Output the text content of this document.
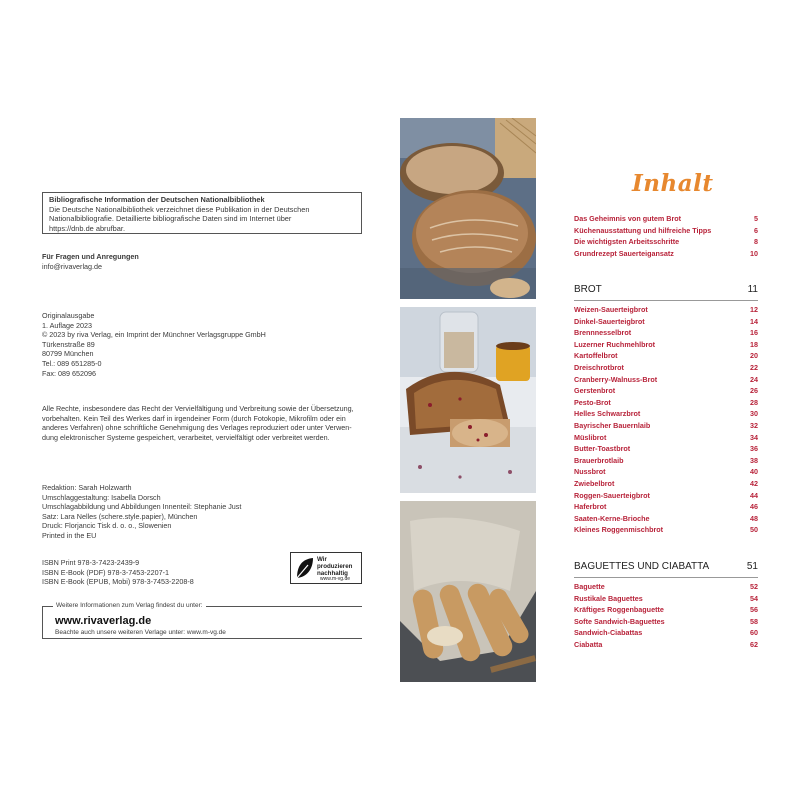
Bibliografische Information der Deutschen Nationalbibliothek
Die Deutsche Nationalbibliothek verzeichnet diese Publikation in der Deutschen
Nationalbibliografie. Detaillierte bibliografische Daten sind im Internet über
https://dnb.de abrufbar.
Für Fragen und Anregungen
info@rivaverlag.de
Originalausgabe
1. Auflage 2023
© 2023 by riva Verlag, ein Imprint der Münchner Verlagsgruppe GmbH
Türkenstraße 89
80799 München
Tel.: 089 651285-0
Fax: 089 652096
Alle Rechte, insbesondere das Recht der Vervielfältigung und Verbreitung sowie der Übersetzung,
vorbehalten. Kein Teil des Werkes darf in irgendeiner Form (durch Fotokopie, Mikrofilm oder ein
anderes Verfahren) ohne schriftliche Genehmigung des Verlages reproduziert oder unter Verwen-
dung elektronischer Systeme gespeichert, verarbeitet, vervielfältigt oder verbreitet werden.
Redaktion: Sarah Holzwarth
Umschlaggestaltung: Isabella Dorsch
Umschlagabbildung und Abbildungen Innenteil: Stephanie Just
Satz: Lara Nelles (schere.style.papier), München
Druck: Florjancic Tisk d. o. o., Slowenien
Printed in the EU
ISBN Print 978-3-7423-2439-9
ISBN E-Book (PDF) 978-3-7453-2207-1
ISBN E-Book (EPUB, Mobi) 978-3-7453-2208-8
Wir produzieren
nachhaltig
www.m-vg.de
Weitere Informationen zum Verlag findest du unter:
www.rivaverlag.de
Beachte auch unsere weiteren Verlage unter: www.m-vg.de
Inhalt
Das Geheimnis von gutem Brot	5
Küchenausstattung und hilfreiche Tipps	6
Die wichtigsten Arbeitsschritte	8
Grundrezept Sauerteigansatz	10
BROT	11
Weizen-Sauerteigbrot	12
Dinkel-Sauerteigbrot	14
Brennnesselbrot	16
Luzerner Ruchmehlbrot	18
Kartoffelbrot	20
Dreischrotbrot	22
Cranberry-Walnuss-Brot	24
Gerstenbrot	26
Pesto-Brot	28
Helles Schwarzbrot	30
Bayrischer Bauernlaib	32
Müslibrot	34
Butter-Toastbrot	36
Brauerbrotlaib	38
Nussbrot	40
Zwiebelbrot	42
Roggen-Sauerteigbrot	44
Haferbrot	46
Saaten-Kerne-Brioche	48
Kleines Roggenmischbrot	50
BAGUETTES UND CIABATTA	51
Baguette	52
Rustikale Baguettes	54
Kräftiges Roggenbaguette	56
Softe Sandwich-Baguettes	58
Sandwich-Ciabattas	60
Ciabatta	62
